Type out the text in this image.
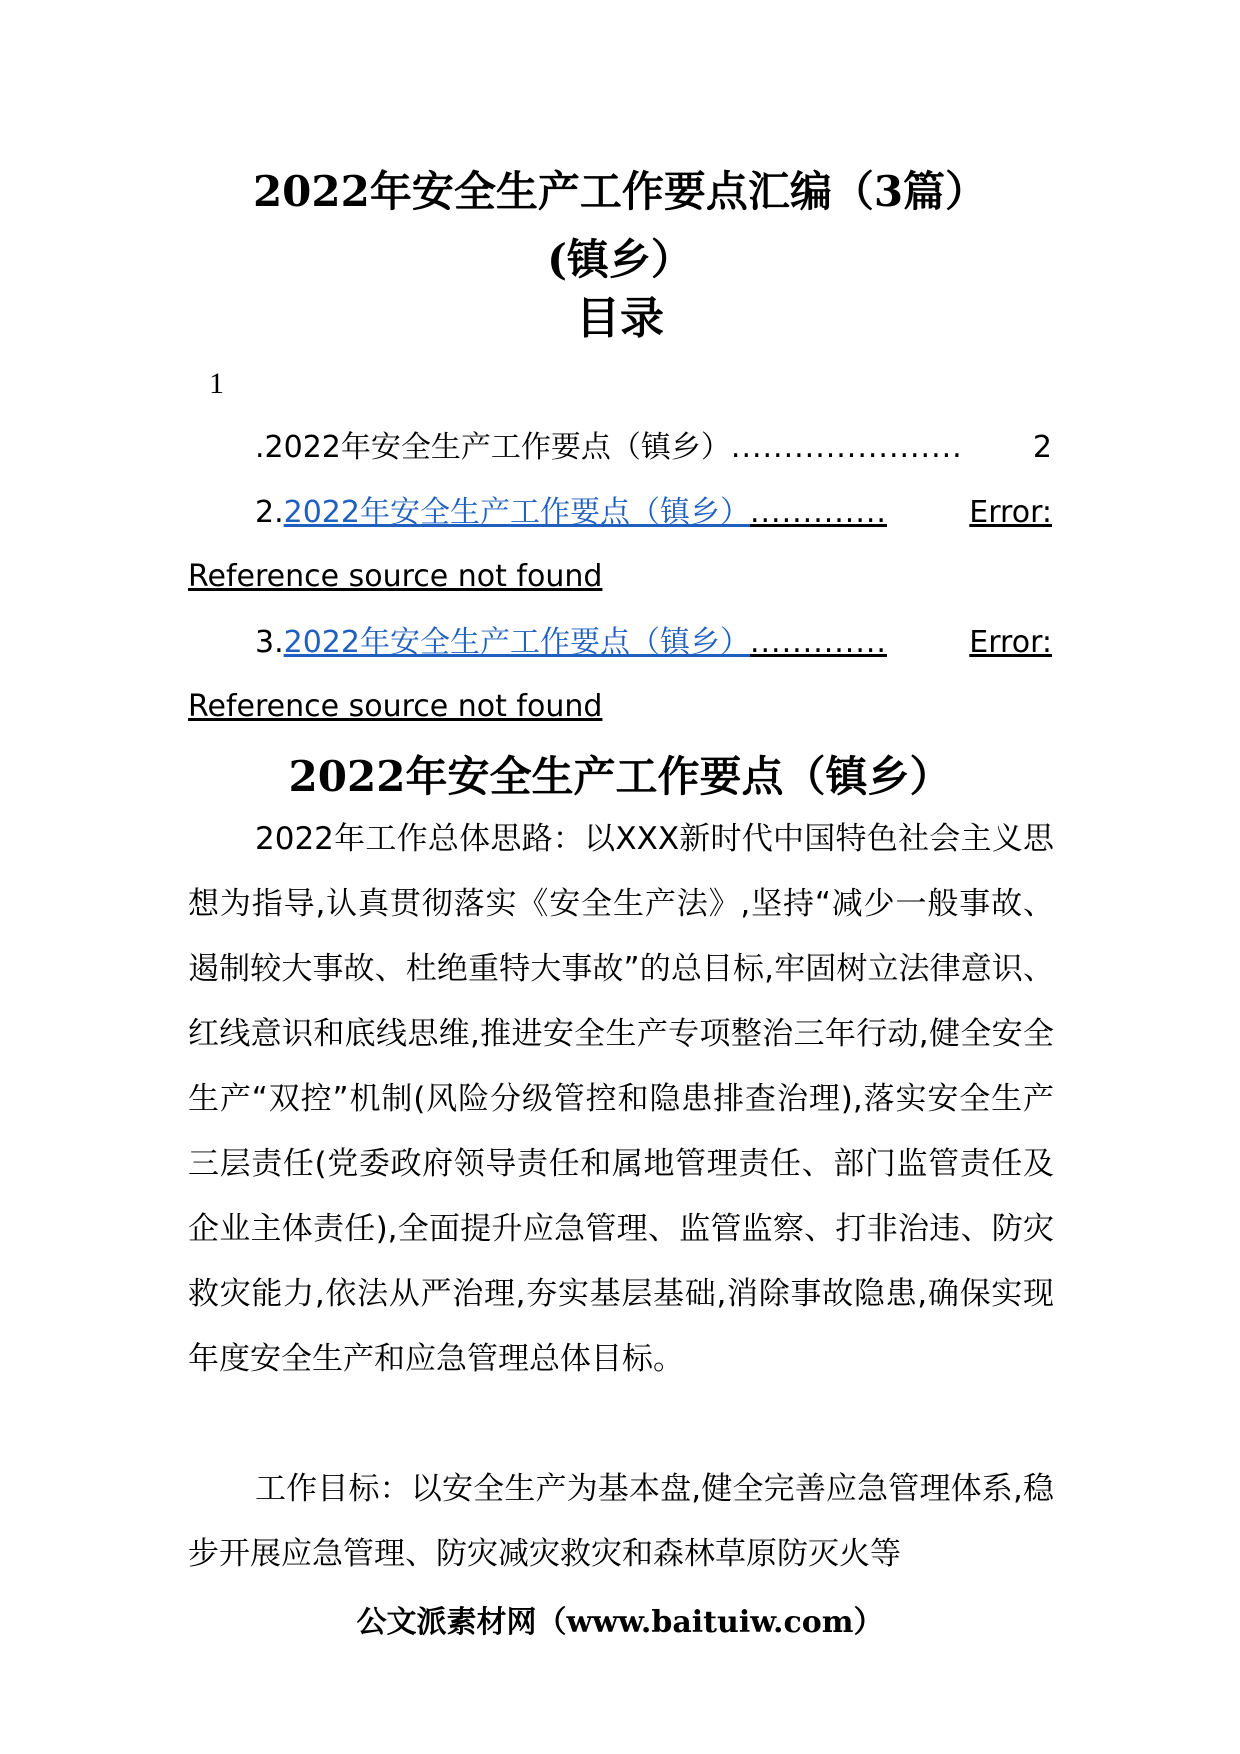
2022年安全生产工作要点汇编（3篇）
(镇乡）
目录
1
. 2022年安全生产工作要点（镇乡） ......................	2
2. 2022年安全生产工作要点（镇乡） .............	Error:
Reference source not found
3. 2022年安全生产工作要点（镇乡） .............	Error:
Reference source not found
2022年安全生产工作要点（镇乡）

2022年工作总体思路：以XXX新时代中国特色社会主义思想为指导,认真贯彻落实《安全生产法》,坚持“减少一般事故、遏制较大事故、杜绝重特大事故”的总目标,牢固树立法律意识、红线意识和底线思维,推进安全生产专项整治三年行动,健全安全生产“双控”机制(风险分级管控和隐患排查治理),落实安全生产三层责任(党委政府领导责任和属地管理责任、部门监管责任及企业主体责任),全面提升应急管理、监管监察、打非治违、防灾救灾能力,依法从严治理,夯实基层基础,消除事故隐患,确保实现年度安全生产和应急管理总体目标。

工作目标：以安全生产为基本盘,健全完善应急管理体系,稳步开展应急管理、防灾减灾救灾和森林草原防灭火等

公文派素材网（www.baituiw.com）
